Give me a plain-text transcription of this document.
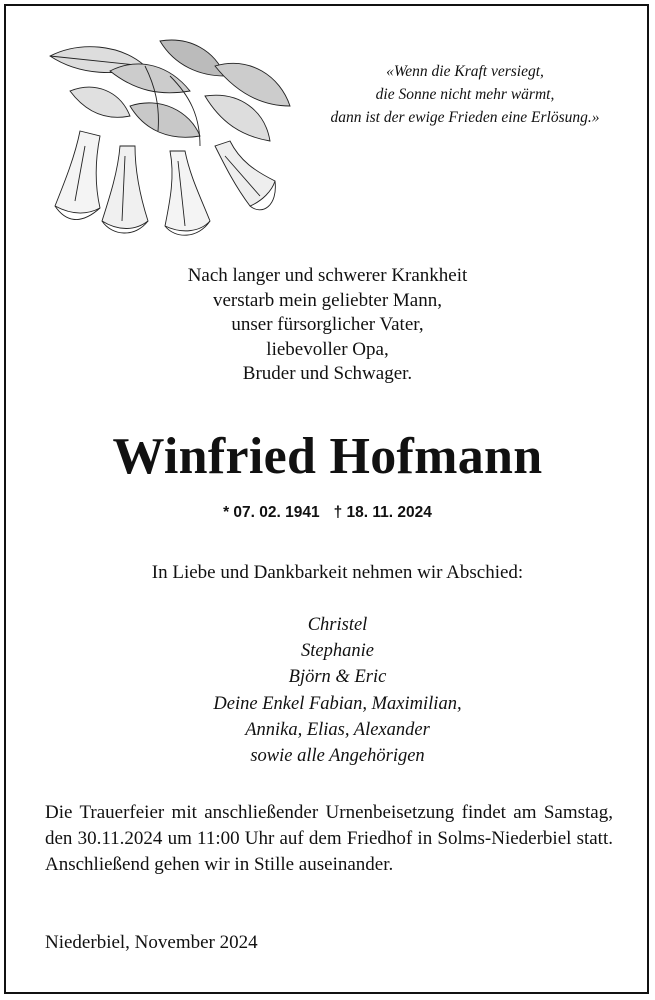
«Wenn die Kraft versiegt,
die Sonne nicht mehr wärmt,
dann ist der ewige Frieden eine Erlösung.»
Nach langer und schwerer Krankheit
verstarb mein geliebter Mann,
unser fürsorglicher Vater,
liebevoller Opa,
Bruder und Schwager.
Winfried Hofmann
* 07. 02. 1941 † 18. 11. 2024
In Liebe und Dankbarkeit nehmen wir Abschied:
Christel
Stephanie
Björn & Eric
Deine Enkel Fabian, Maximilian,
Annika, Elias, Alexander
sowie alle Angehörigen
Die Trauerfeier mit anschließender Urnenbeisetzung findet am Samstag, den 30.11.2024 um 11:00 Uhr auf dem Friedhof in Solms-Niederbiel statt. Anschließend gehen wir in Stille auseinander.
Niederbiel, November 2024
